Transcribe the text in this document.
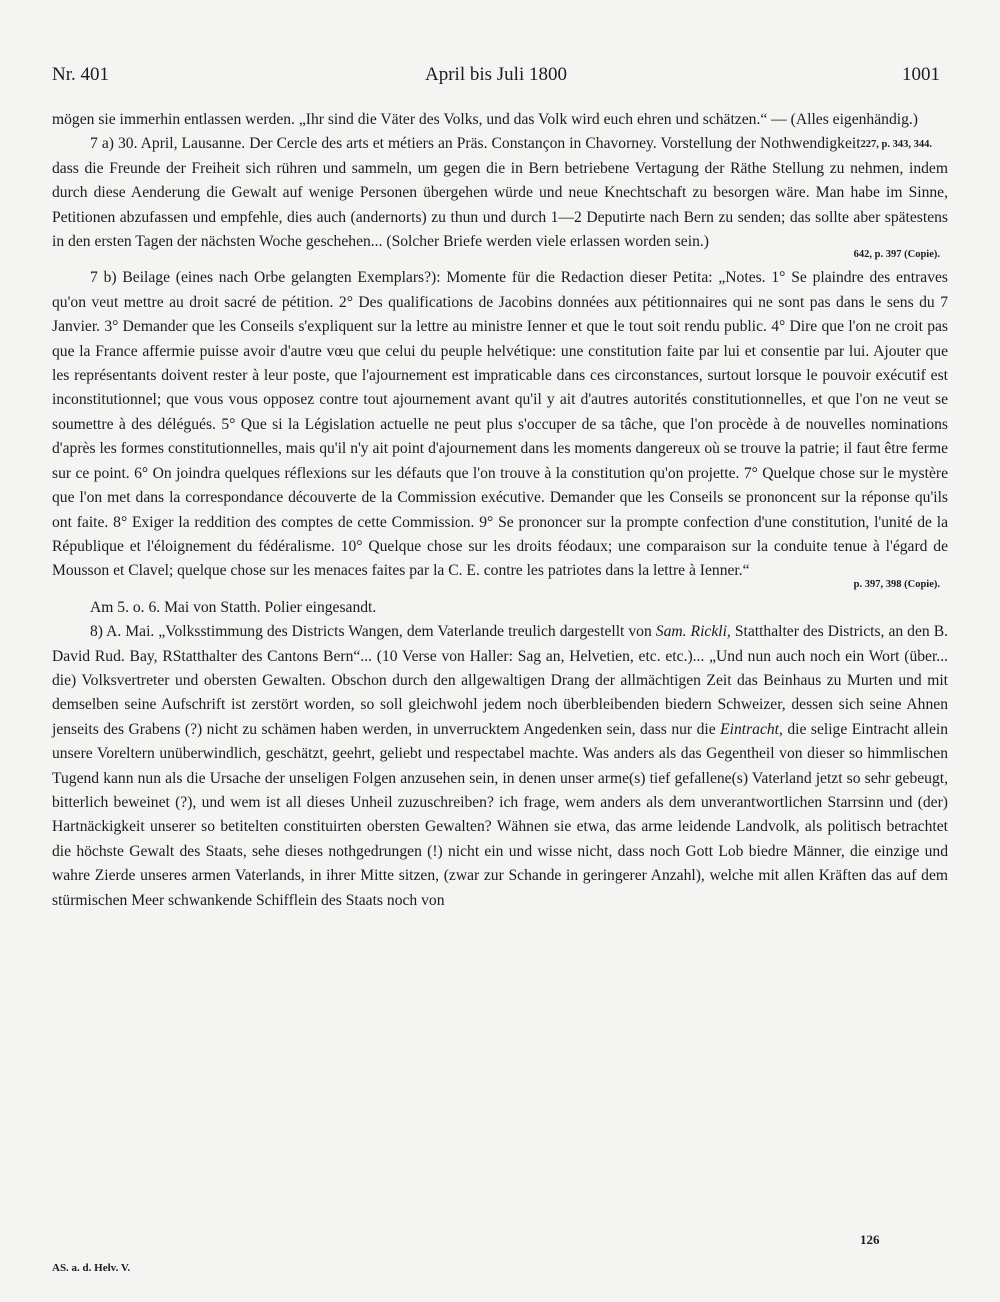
Nr. 401	April bis Juli 1800	1001

mögen sie immerhin entlassen werden. „Ihr sind die Väter des Volks, und das Volk wird euch ehren und schätzen.“ — (Alles eigenhändig.)
227, p. 343, 344.

7 a) 30. April, Lausanne. Der Cercle des arts et métiers an Präs. Constançon in Chavorney. Vorstellung der Nothwendigkeit dass die Freunde der Freiheit sich rühren und sammeln, um gegen die in Bern betriebene Vertagung der Räthe Stellung zu nehmen, indem durch diese Aenderung die Gewalt auf wenige Personen übergehen würde und neue Knechtschaft zu besorgen wäre. Man habe im Sinne, Petitionen abzufassen und empfehle, dies auch (andernorts) zu thun und durch 1—2 Deputirte nach Bern zu senden; das sollte aber spätestens in den ersten Tagen der nächsten Woche geschehen... (Solcher Briefe werden viele erlassen worden sein.)

642, p. 397 (Copie).

7 b) Beilage (eines nach Orbe gelangten Exemplars?): Momente für die Redaction dieser Petita: „Notes. 1° Se plaindre des entraves qu'on veut mettre au droit sacré de pétition. 2° Des qualifications de Jacobins données aux pétitionnaires qui ne sont pas dans le sens du 7 Janvier. 3° Demander que les Conseils s'expliquent sur la lettre au ministre Ienner et que le tout soit rendu public. 4° Dire que l'on ne croit pas que la France affermie puisse avoir d'autre vœu que celui du peuple helvétique: une constitution faite par lui et consentie par lui. Ajouter que les représentants doivent rester à leur poste, que l'ajournement est impraticable dans ces circonstances, surtout lorsque le pouvoir exécutif est inconstitutionnel; que vous vous opposez contre tout ajournement avant qu'il y ait d'autres autorités constitutionnelles, et que l'on ne veut se soumettre à des délégués. 5° Que si la Législation actuelle ne peut plus s'occuper de sa tâche, que l'on procède à de nouvelles nominations d'après les formes constitutionnelles, mais qu'il n'y ait point d'ajournement dans les moments dangereux où se trouve la patrie; il faut être ferme sur ce point. 6° On joindra quelques réflexions sur les défauts que l'on trouve à la constitution qu'on projette. 7° Quelque chose sur le mystère que l'on met dans la correspondance découverte de la Commission exécutive. Demander que les Conseils se prononcent sur la réponse qu'ils ont faite. 8° Exiger la reddition des comptes de cette Commission. 9° Se prononcer sur la prompte confection d'une constitution, l'unité de la République et l'éloignement du fédéralisme. 10° Quelque chose sur les droits féodaux; une comparaison sur la conduite tenue à l'égard de Mousson et Clavel; quelque chose sur les menaces faites par la C. E. contre les patriotes dans la lettre à Ienner.“

p. 397, 398 (Copie).

Am 5. o. 6. Mai von Statth. Polier eingesandt.

8) A. Mai. „Volksstimmung des Districts Wangen, dem Vaterlande treulich dargestellt von Sam. Rickli, Statthalter des Districts, an den B. David Rud. Bay, RStatthalter des Cantons Bern“... (10 Verse von Haller: Sag an, Helvetien, etc. etc.)... „Und nun auch noch ein Wort (über... die) Volksvertreter und obersten Gewalten. Obschon durch den allgewaltigen Drang der allmächtigen Zeit das Beinhaus zu Murten und mit demselben seine Aufschrift ist zerstört worden, so soll gleichwohl jedem noch überbleibenden biedern Schweizer, dessen sich seine Ahnen jenseits des Grabens (?) nicht zu schämen haben werden, in unverrucktem Angedenken sein, dass nur die Eintracht, die selige Eintracht allein unsere Voreltern unüberwindlich, geschätzt, geehrt, geliebt und respectabel machte. Was anders als das Gegentheil von dieser so himmlischen Tugend kann nun als die Ursache der unseligen Folgen anzusehen sein, in denen unser arme(s) tief gefallene(s) Vaterland jetzt so sehr gebeugt, bitterlich beweinet (?), und wem ist all dieses Unheil zuzuschreiben? ich frage, wem anders als dem unverantwortlichen Starrsinn und (der) Hartnäckigkeit unserer so betitelten constituirten obersten Gewalten? Wähnen sie etwa, das arme leidende Landvolk, als politisch betrachtet die höchste Gewalt des Staats, sehe dieses nothgedrungen (!) nicht ein und wisse nicht, dass noch Gott Lob biedre Männer, die einzige und wahre Zierde unseres armen Vaterlands, in ihrer Mitte sitzen, (zwar zur Schande in geringerer Anzahl), welche mit allen Kräften das auf dem stürmischen Meer schwankende Schifflein des Staats noch von

126
AS. a. d. Helv. V.
